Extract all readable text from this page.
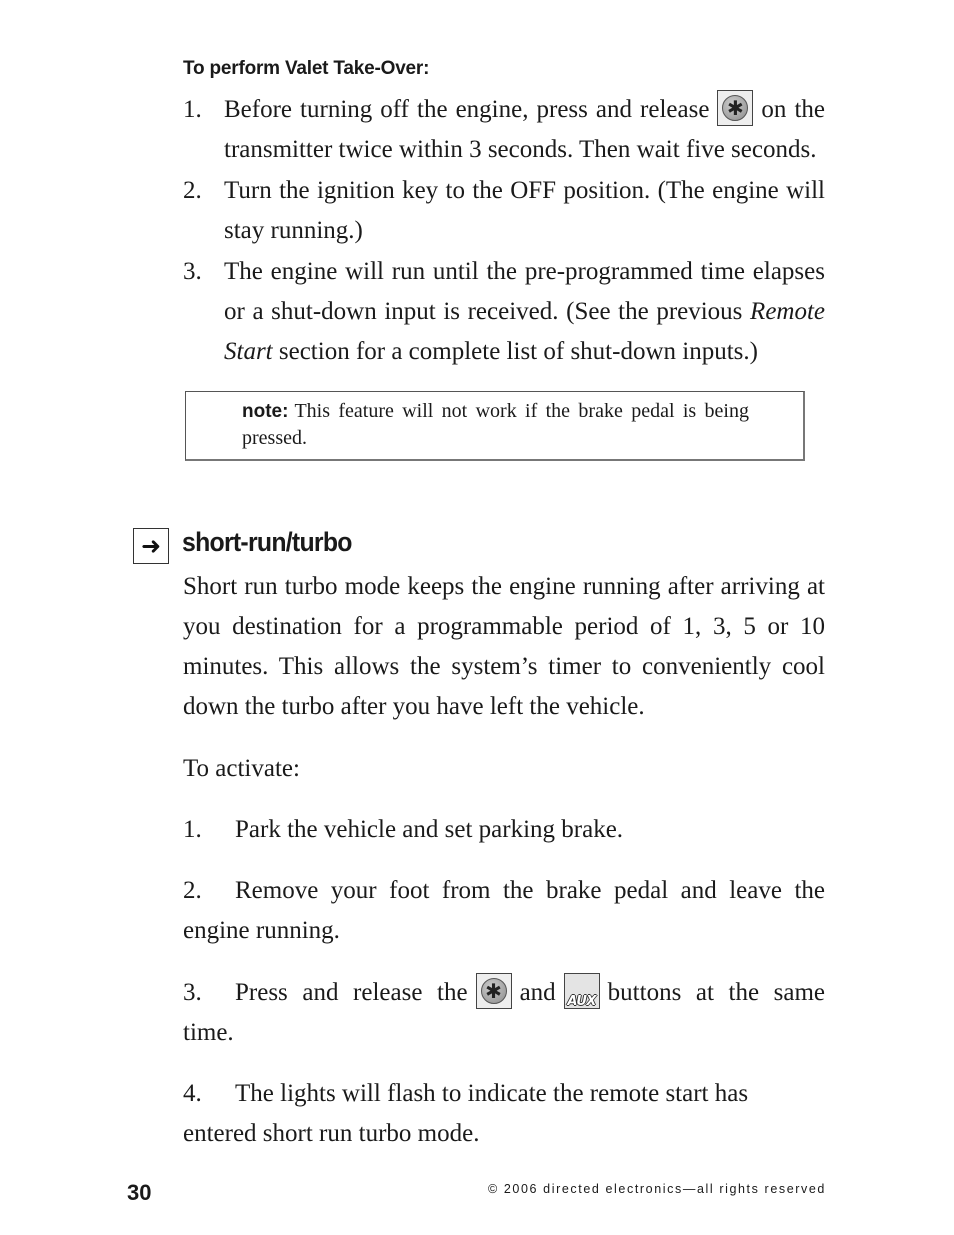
To perform Valet Take-Over:
1. Before turning off the engine, press and release ✱ on the transmitter twice within 3 seconds. Then wait five seconds.
2. Turn the ignition key to the OFF position. (The engine will stay running.)
3. The engine will run until the pre-programmed time elapses or a shut-down input is received. (See the previous Remote Start section for a complete list of shut-down inputs.)
note: This feature will not work if the brake pedal is being pressed.
➜ short-run/turbo
Short run turbo mode keeps the engine running after arriving at you destination for a programmable period of 1, 3, 5 or 10 minutes. This allows the system’s timer to conveniently cool down the turbo after you have left the vehicle.
To activate:
1. Park the vehicle and set parking brake.
2. Remove your foot from the brake pedal and leave the engine running.
3. Press and release the ✱ and AUX buttons at the same time.
4. The lights will flash to indicate the remote start has entered short run turbo mode.
30	© 2006 directed electronics—all rights reserved
